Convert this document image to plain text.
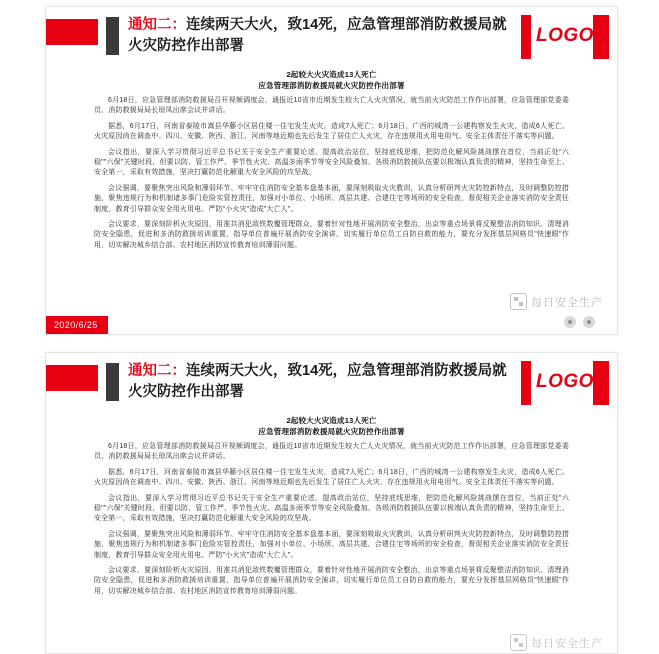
通知二：连续两天大火，致14死，应急管理部消防救援局就火灾防控作出部署	LOGO
2起较大火灾造成13人死亡
应急管理部消防救援局就火灾防控作出部署

6月18日，应急管理部消防救援局召开视频调度会，通报近10省市近期发生较大亡人火灾情况，就当前火灾防范工作作出部署，应急管理部党委委员、消防救援局局长琼凤出席会议并讲话。

据悉，6月17日，河南省泰陵市嵩县华藤小区居住楼一住宅发生火灾，造成7人死亡；6月18日，广西的城湾一公建构察发生火灾，造成6人死亡。火灾原因尚在调查中。四川、安徽、陕西、浙江、河南等地近期也先后发生了居住亡人火灾，存在违规用火用电用气、安全主体责任不落实等问题。

会议指出，要深入学习贯彻习近平总书记关于安全生产重要论述、提高政治站位，坚持底线思维，把防范化解风险挑战摆在首位，当前正处"六稳""六保"关键时段，但要以防、管工作严、季节性火灾、高温多雨季节等安全风险叠加、各级消防救援队伍要以极端认真负责的精神，坚持生命至上、安全第一，采取有效措施，坚决打赢防范化解重大安全风险的攻坚战。

会议强调，要聚焦突出风险和薄弱环节、牢牢守住消防安全基本盘基本面，要深刻吸取火灾教训，认真分析研判火灾防控新特点，及时调整防控措施，聚焦违规行为和机制诸多事门危险实管控责任，加强对小单位、小场所、高层共建、合建住宅等场所的安全检查，督促相关企业落实消防安全责任制度，教育引导群众安全用火用电、严防"小火灾"造成"大亡人"。

会议要求，要深刻阶析火灾原因，用准共消犯敌铁数覆管理群众，要着针对性地开展消防安全整治，出京等重点场景将反聚整洁消防知识、清理消防安全隐患，促进和多消防救援培训重置，指导单位普遍开展消防安全演讲，切实履行单位员工自防自救的能力，要充分发挥基层网格员"快速眼"作用，切实解决城乡结合部、农村地区消防宣传教育培训薄弱问题。

每日安全生产
2020/6/25
通知二：连续两天大火，致14死，应急管理部消防救援局就火灾防控作出部署	LOGO
2起较大火灾造成13人死亡
应急管理部消防救援局就火灾防控作出部署

6月18日，应急管理部消防救援局召开视频调度会，通报近10省市近期发生较大亡人火灾情况，就当前火灾防范工作作出部署，应急管理部党委委员、消防救援局局长琼凤出席会议并讲话。

据悉，6月17日，河南省泰陵市嵩县华藤小区居住楼一住宅发生火灾，造成7人死亡；6月18日，广西的城湾一公建构察发生火灾，造成6人死亡。火灾原因尚在调查中。四川、安徽、陕西、浙江、河南等地近期也先后发生了居住亡人火灾，存在违规用火用电用气、安全主体责任不落实等问题。

会议指出，要深入学习贯彻习近平总书记关于安全生产重要论述、提高政治站位，坚持底线思维，把防范化解风险挑战摆在首位，当前正处"六稳""六保"关键时段，但要以防、管工作严、季节性火灾、高温多雨季节等安全风险叠加、各级消防救援队伍要以极端认真负责的精神，坚持生命至上、安全第一，采取有效措施，坚决打赢防范化解重大安全风险的攻坚战。

会议强调，要聚焦突出风险和薄弱环节、牢牢守住消防安全基本盘基本面，要深刻吸取火灾教训，认真分析研判火灾防控新特点，及时调整防控措施，聚焦违规行为和机制诸多事门危险实管控责任，加强对小单位、小场所、高层共建、合建住宅等场所的安全检查，督促相关企业落实消防安全责任制度，教育引导群众安全用火用电、严防"小火灾"造成"大亡人"。

会议要求，要深刻阶析火灾原因，用准共消犯敌铁数覆管理群众，要着针对性地开展消防安全整治，出京等重点场景将反聚整洁消防知识、清理消防安全隐患，促进和多消防救援培训重置，指导单位普遍开展消防安全演讲，切实履行单位员工自防自救的能力，要充分发挥基层网格员"快速眼"作用，切实解决城乡结合部、农村地区消防宣传教育培训薄弱问题。

每日安全生产
